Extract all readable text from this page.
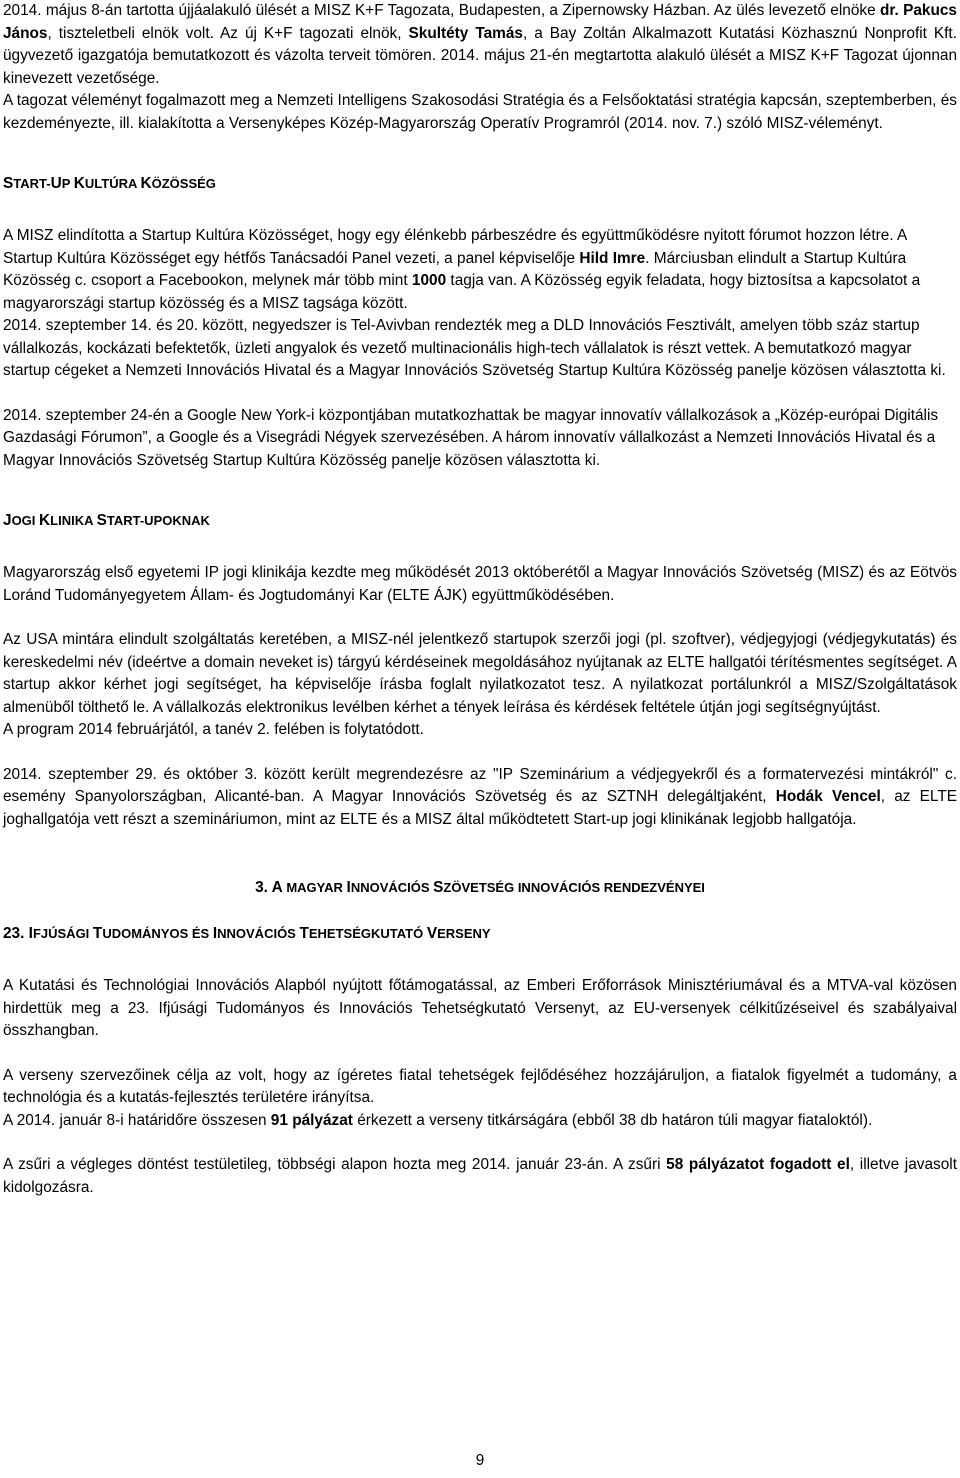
2014. május 8-án tartotta újjáalakuló ülését a MISZ K+F Tagozata, Budapesten, a Zipernowsky Házban. Az ülés levezető elnöke dr. Pakucs János, tiszteletbeli elnök volt. Az új K+F tagozati elnök, Skultéty Tamás, a Bay Zoltán Alkalmazott Kutatási Közhasznú Nonprofit Kft. ügyvezető igazgatója bemutatkozott és vázolta terveit tömören. 2014. május 21-én megtartotta alakuló ülését a MISZ K+F Tagozat újonnan kinevezett vezetősége.

A tagozat véleményt fogalmazott meg a Nemzeti Intelligens Szakosodási Stratégia és a Felsőoktatási stratégia kapcsán, szeptemberben, és kezdeményezte, ill. kialakította a Versenyképes Közép-Magyarország Operatív Programról (2014. nov. 7.) szóló MISZ-véleményt.

START-UP KULTÚRA KÖZÖSSÉG

A MISZ elindította a Startup Kultúra Közösséget, hogy egy élénkebb párbeszédre és együttműködésre nyitott fórumot hozzon létre. A Startup Kultúra Közösséget egy hétfős Tanácsadói Panel vezeti, a panel képviselője Hild Imre. Márciusban elindult a Startup Kultúra Közösség c. csoport a Facebookon, melynek már több mint 1000 tagja van. A Közösség egyik feladata, hogy biztosítsa a kapcsolatot a magyarországi startup közösség és a MISZ tagsága között.

2014. szeptember 14. és 20. között, negyedszer is Tel-Avivban rendezték meg a DLD Innovációs Fesztivált, amelyen több száz startup vállalkozás, kockázati befektetők, üzleti angyalok és vezető multinacionális high-tech vállalatok is részt vettek. A bemutatkozó magyar startup cégeket a Nemzeti Innovációs Hivatal és a Magyar Innovációs Szövetség Startup Kultúra Közösség panelje közösen választotta ki.

2014. szeptember 24-én a Google New York-i központjában mutatkozhattak be magyar innovatív vállalkozások a „Közép-európai Digitális Gazdasági Fórumon”, a Google és a Visegrádi Négyek szervezésében. A három innovatív vállalkozást a Nemzeti Innovációs Hivatal és a Magyar Innovációs Szövetség Startup Kultúra Közösség panelje közösen választotta ki.

JOGI KLINIKA START-UPOKNAK

Magyarország első egyetemi IP jogi klinikája kezdte meg működését 2013 októberétől a Magyar Innovációs Szövetség (MISZ) és az Eötvös Loránd Tudományegyetem Állam- és Jogtudományi Kar (ELTE ÁJK) együttműködésében.

Az USA mintára elindult szolgáltatás keretében, a MISZ-nél jelentkező startupok szerzői jogi (pl. szoftver), védjegyjogi (védjegykutatás) és kereskedelmi név (ideértve a domain neveket is) tárgyú kérdéseinek megoldásához nyújtanak az ELTE hallgatói térítésmentes segítséget. A startup akkor kérhet jogi segítséget, ha képviselője írásba foglalt nyilatkozatot tesz. A nyilatkozat portálunkról a MISZ/Szolgáltatások almenüből tölthető le. A vállalkozás elektronikus levélben kérhet a tények leírása és kérdések feltétele útján jogi segítségnyújtást.

A program 2014 februárjától, a tanév 2. felében is folytatódott.

2014. szeptember 29. és október 3. között került megrendezésre az "IP Szeminárium a védjegyekről és a formatervezési mintákról" c. esemény Spanyolországban, Alicanté-ban. A Magyar Innovációs Szövetség és az SZTNH delegáltjaként, Hodák Vencel, az ELTE joghallgatója vett részt a szemináriumon, mint az ELTE és a MISZ által működtetett Start-up jogi klinikának legjobb hallgatója.

3. A MAGYAR INNOVÁCIÓS SZÖVETSÉG INNOVÁCIÓS RENDEZVÉNYEI

23. IFJÚSÁGI TUDOMÁNYOS ÉS INNOVÁCIÓS TEHETSÉGKUTATÓ VERSENY

A Kutatási és Technológiai Innovációs Alapból nyújtott főtámogatással, az Emberi Erőforrások Minisztériumával és a MTVA-val közösen hirdettük meg a 23. Ifjúsági Tudományos és Innovációs Tehetségkutató Versenyt, az EU-versenyek célkitűzéseivel és szabályaival összhangban.

A verseny szervezőinek célja az volt, hogy az ígéretes fiatal tehetségek fejlődéséhez hozzájáruljon, a fiatalok figyelmét a tudomány, a technológia és a kutatás-fejlesztés területére irányítsa.

A 2014. január 8-i határidőre összesen 91 pályázat érkezett a verseny titkárságára (ebből 38 db határon túli magyar fiataloktól).

A zsűri a végleges döntést testületileg, többségi alapon hozta meg 2014. január 23-án. A zsűri 58 pályázatot fogadott el, illetve javasolt kidolgozásra.

9
